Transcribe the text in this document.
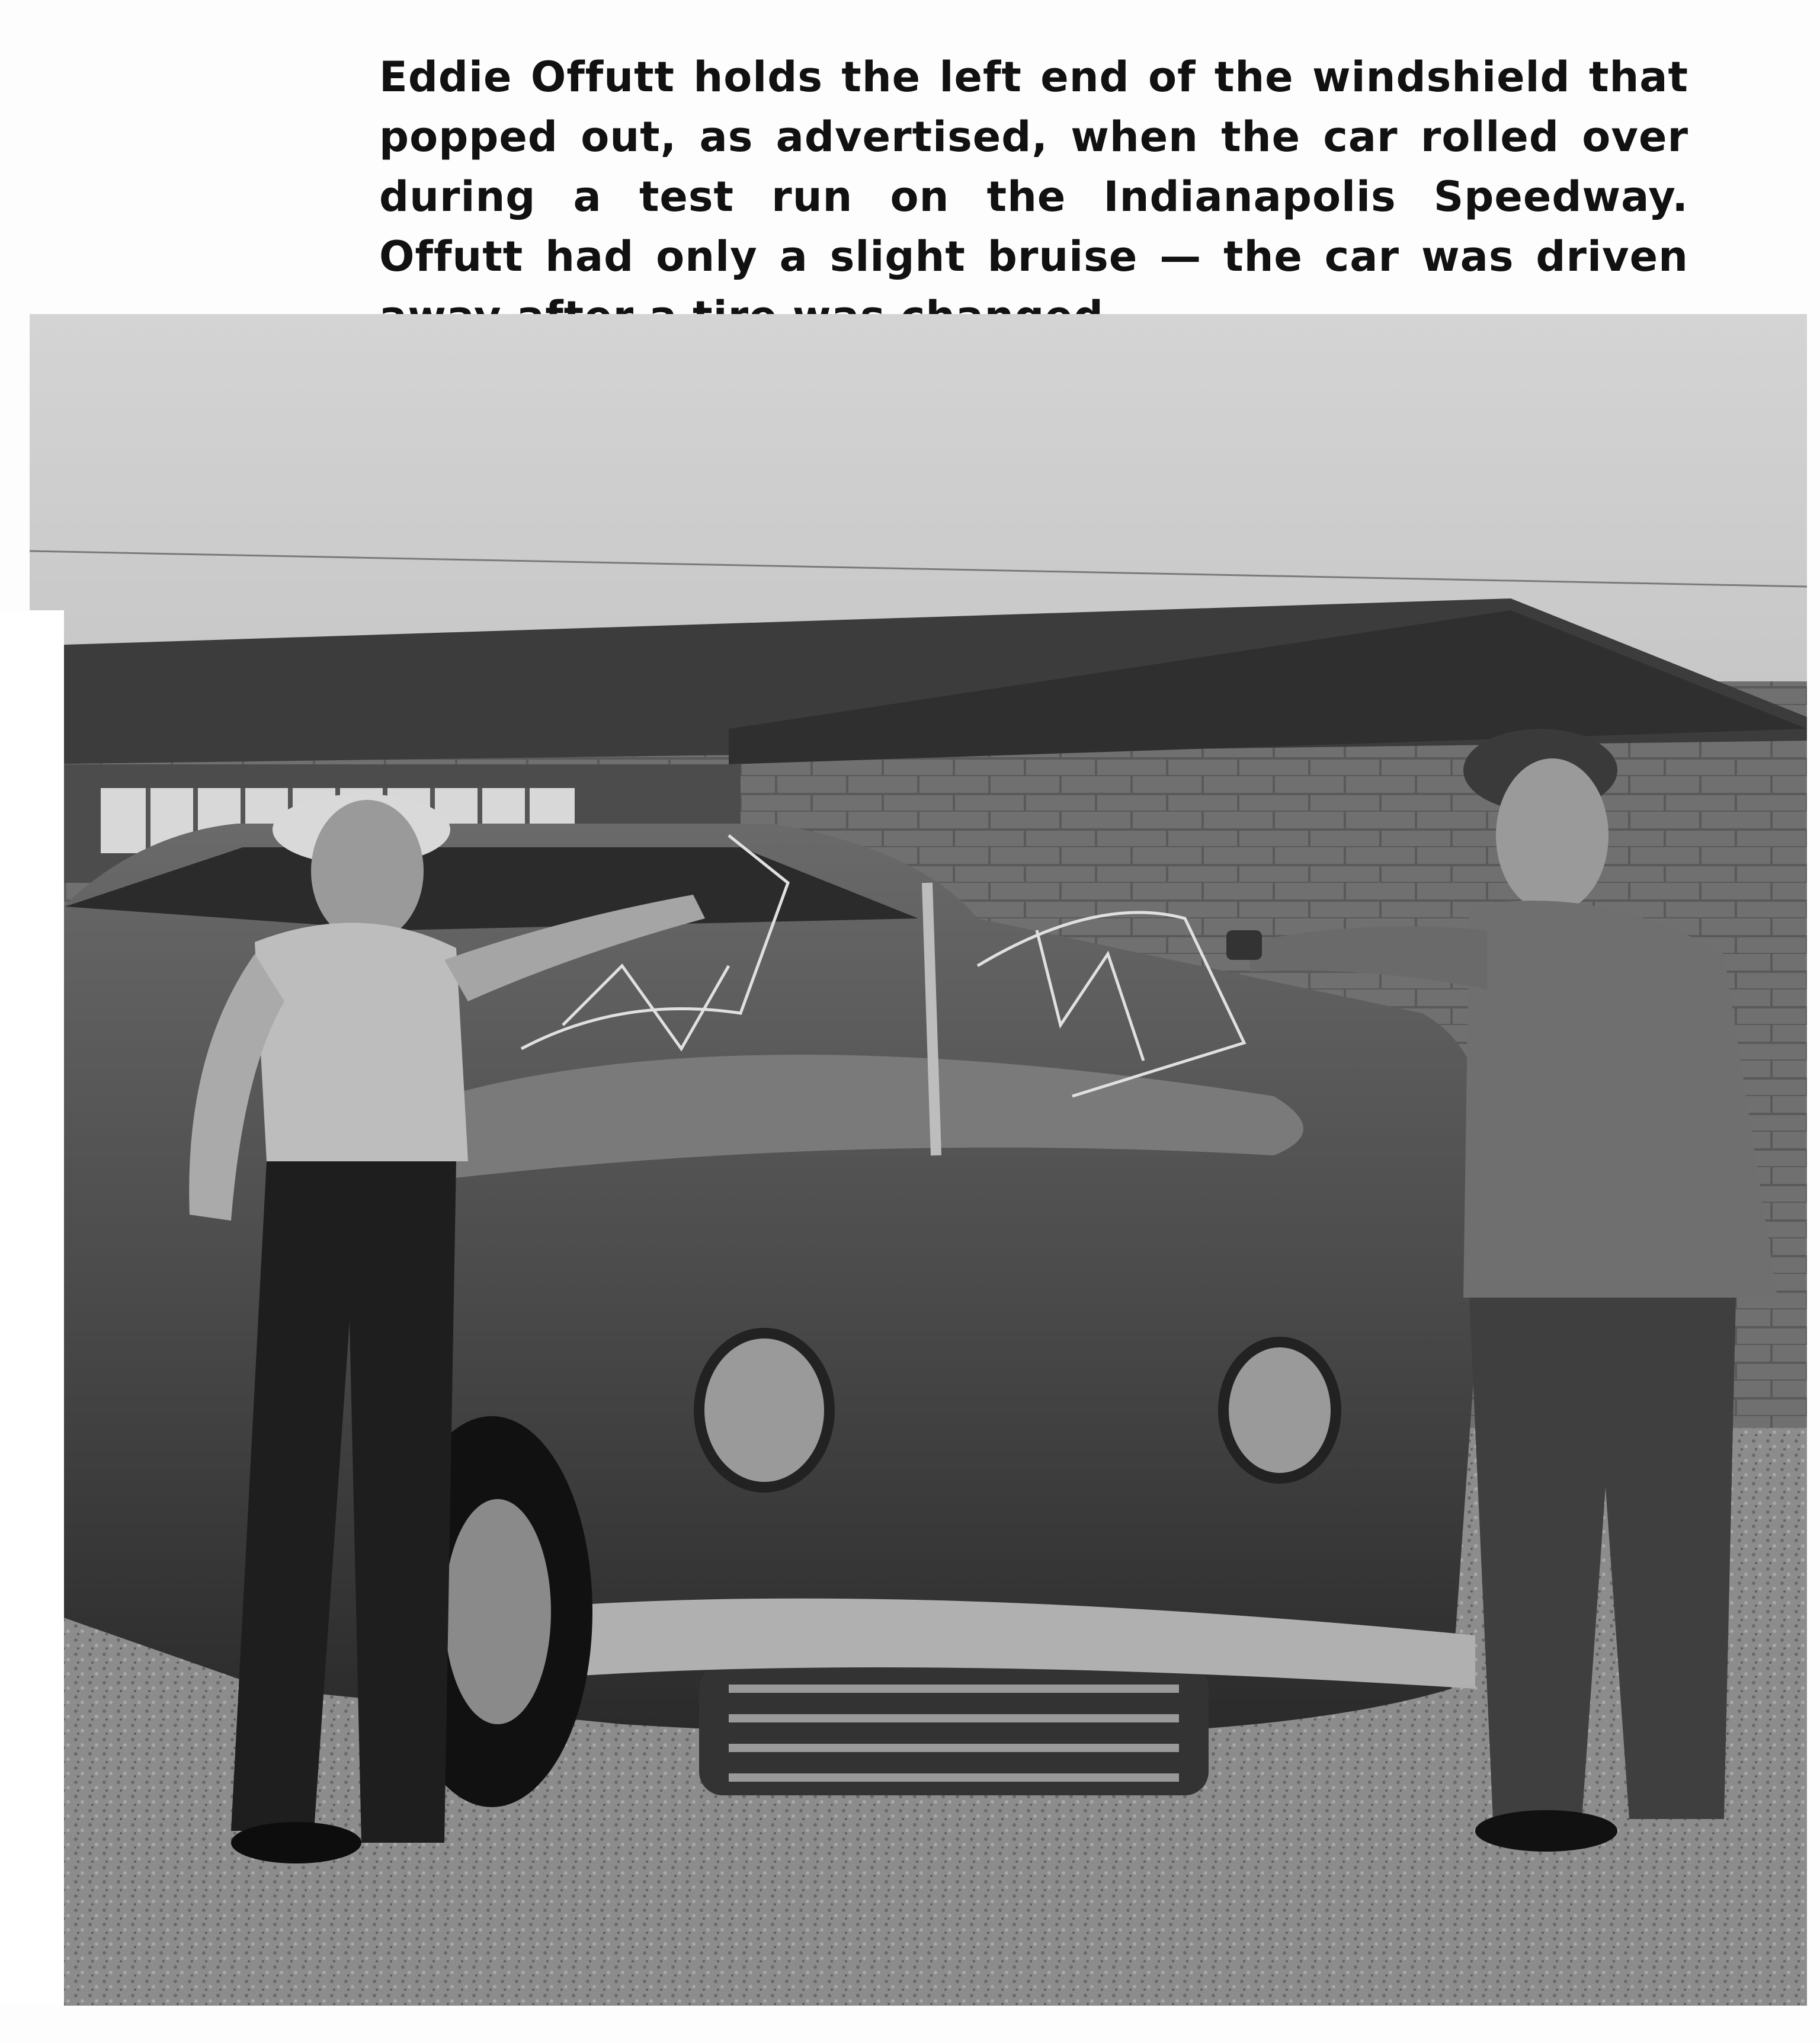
Eddie Offutt holds the left end of the windshield that popped out, as advertised, when the car rolled over during a test run on the Indianapolis Speedway. Offutt had only a slight bruise — the car was driven
